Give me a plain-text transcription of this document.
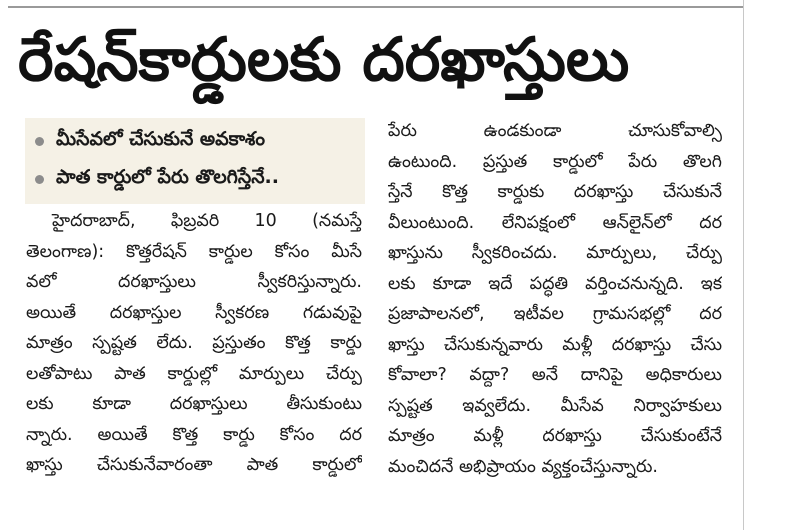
రేషన్‌కార్డులకు దరఖాస్తులు
మీసేవలో చేసుకునే అవకాశం
పాత కార్డులో పేరు తొలగిస్తేనే..
హైదరాబాద్, ఫిబ్రవరి 10 (నమస్తే
తెలంగాణ): కొత్తరేషన్ కార్డుల కోసం మీసే
వలో దరఖాస్తులు స్వీకరిస్తున్నారు.
అయితే దరఖాస్తుల స్వీకరణ గడువుపై
మాత్రం స్పష్టత లేదు. ప్రస్తుతం కొత్త కార్డు
లతోపాటు పాత కార్డుల్లో మార్పులు చేర్పు
లకు కూడా దరఖాస్తులు తీసుకుంటు
న్నారు. అయితే కొత్త కార్డు కోసం దర
ఖాస్తు చేసుకునేవారంతా పాత కార్డులో
పేరు ఉండకుండా చూసుకోవాల్సి
ఉంటుంది. ప్రస్తుత కార్డులో పేరు తొలగి
స్తేనే కొత్త కార్డుకు దరఖాస్తు చేసుకునే
వీలుంటుంది. లేనిపక్షంలో ఆన్‌లైన్‌లో దర
ఖాస్తును స్వీకరించదు. మార్పులు, చేర్పు
లకు కూడా ఇదే పద్ధతి వర్తించనున్నది. ఇక
ప్రజాపాలనలో, ఇటీవల గ్రామసభల్లో దర
ఖాస్తు చేసుకున్నవారు మళ్లీ దరఖాస్తు చేసు
కోవాలా? వద్దా? అనే దానిపై అధికారులు
స్పష్టత ఇవ్వలేదు. మీసేవ నిర్వాహకులు
మాత్రం మళ్లీ దరఖాస్తు చేసుకుంటేనే
మంచిదనే అభిప్రాయం వ్యక్తంచేస్తున్నారు.
